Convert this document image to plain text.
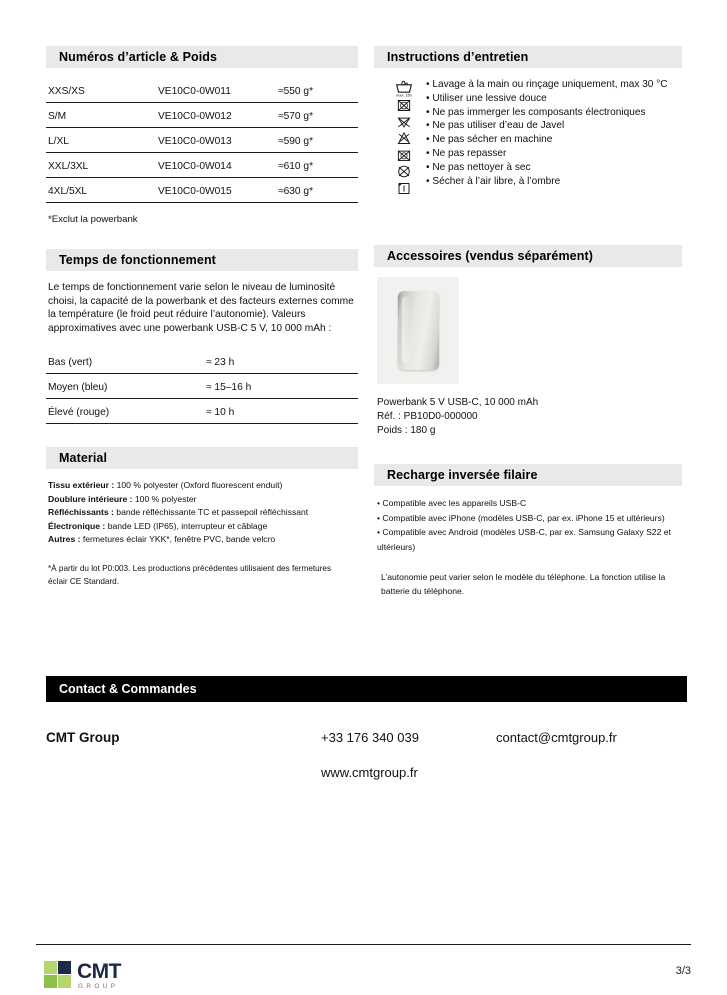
Numéros d’article & Poids
XXS/XS	VE10C0-0W011	≈550 g*
S/M	VE10C0-0W012	≈570 g*
L/XL	VE10C0-0W013	≈590 g*
XXL/3XL	VE10C0-0W014	≈610 g*
4XL/5XL	VE10C0-0W015	≈630 g*
*Exclut la powerbank
Temps de fonctionnement

Le temps de fonctionnement varie selon le niveau de luminosité choisi, la capacité de la powerbank et des facteurs externes comme la température (le froid peut réduire l’autonomie). Valeurs approximatives avec une powerbank USB-C 5 V, 10 000 mAh :

Bas (vert)	≈ 23 h
Moyen (bleu)	≈ 15–16 h
Élevé (rouge)	≈ 10 h
Material
Tissu extérieur : 100 % polyester (Oxford fluorescent enduit)
Doublure intérieure : 100 % polyester
Réfléchissants : bande réfléchissante TC et passepoil réfléchissant
Électronique : bande LED (IP65), interrupteur et câblage
Autres : fermetures éclair YKK*, fenêtre PVC, bande velcro
*À partir du lot P0:003. Les productions précédentes utilisaient des fermetures éclair CE Standard.
Instructions d’entretien
max. 25x
• Lavage à la main ou rinçage uniquement, max 30 °C
• Utiliser une lessive douce
• Ne pas immerger les composants électroniques
• Ne pas utiliser d’eau de Javel
• Ne pas sécher en machine
• Ne pas repasser
• Ne pas nettoyer à sec
• Sécher à l’air libre, à l’ombre
Accessoires (vendus séparément)
Powerbank 5 V USB-C, 10 000 mAh
Réf. : PB10D0-000000
Poids : 180 g
Recharge inversée filaire
• Compatible avec les appareils USB-C
• Compatible avec iPhone (modèles USB-C, par ex. iPhone 15 et ultérieurs)
• Compatible avec Android (modèles USB-C, par ex. Samsung Galaxy S22 et ultérieurs)
L’autonomie peut varier selon le modèle du téléphone. La fonction utilise la batterie du téléphone.
Contact & Commandes
CMT Group	+33 176 340 039	contact@cmtgroup.fr
www.cmtgroup.fr
CMT
GROUP
3/3
